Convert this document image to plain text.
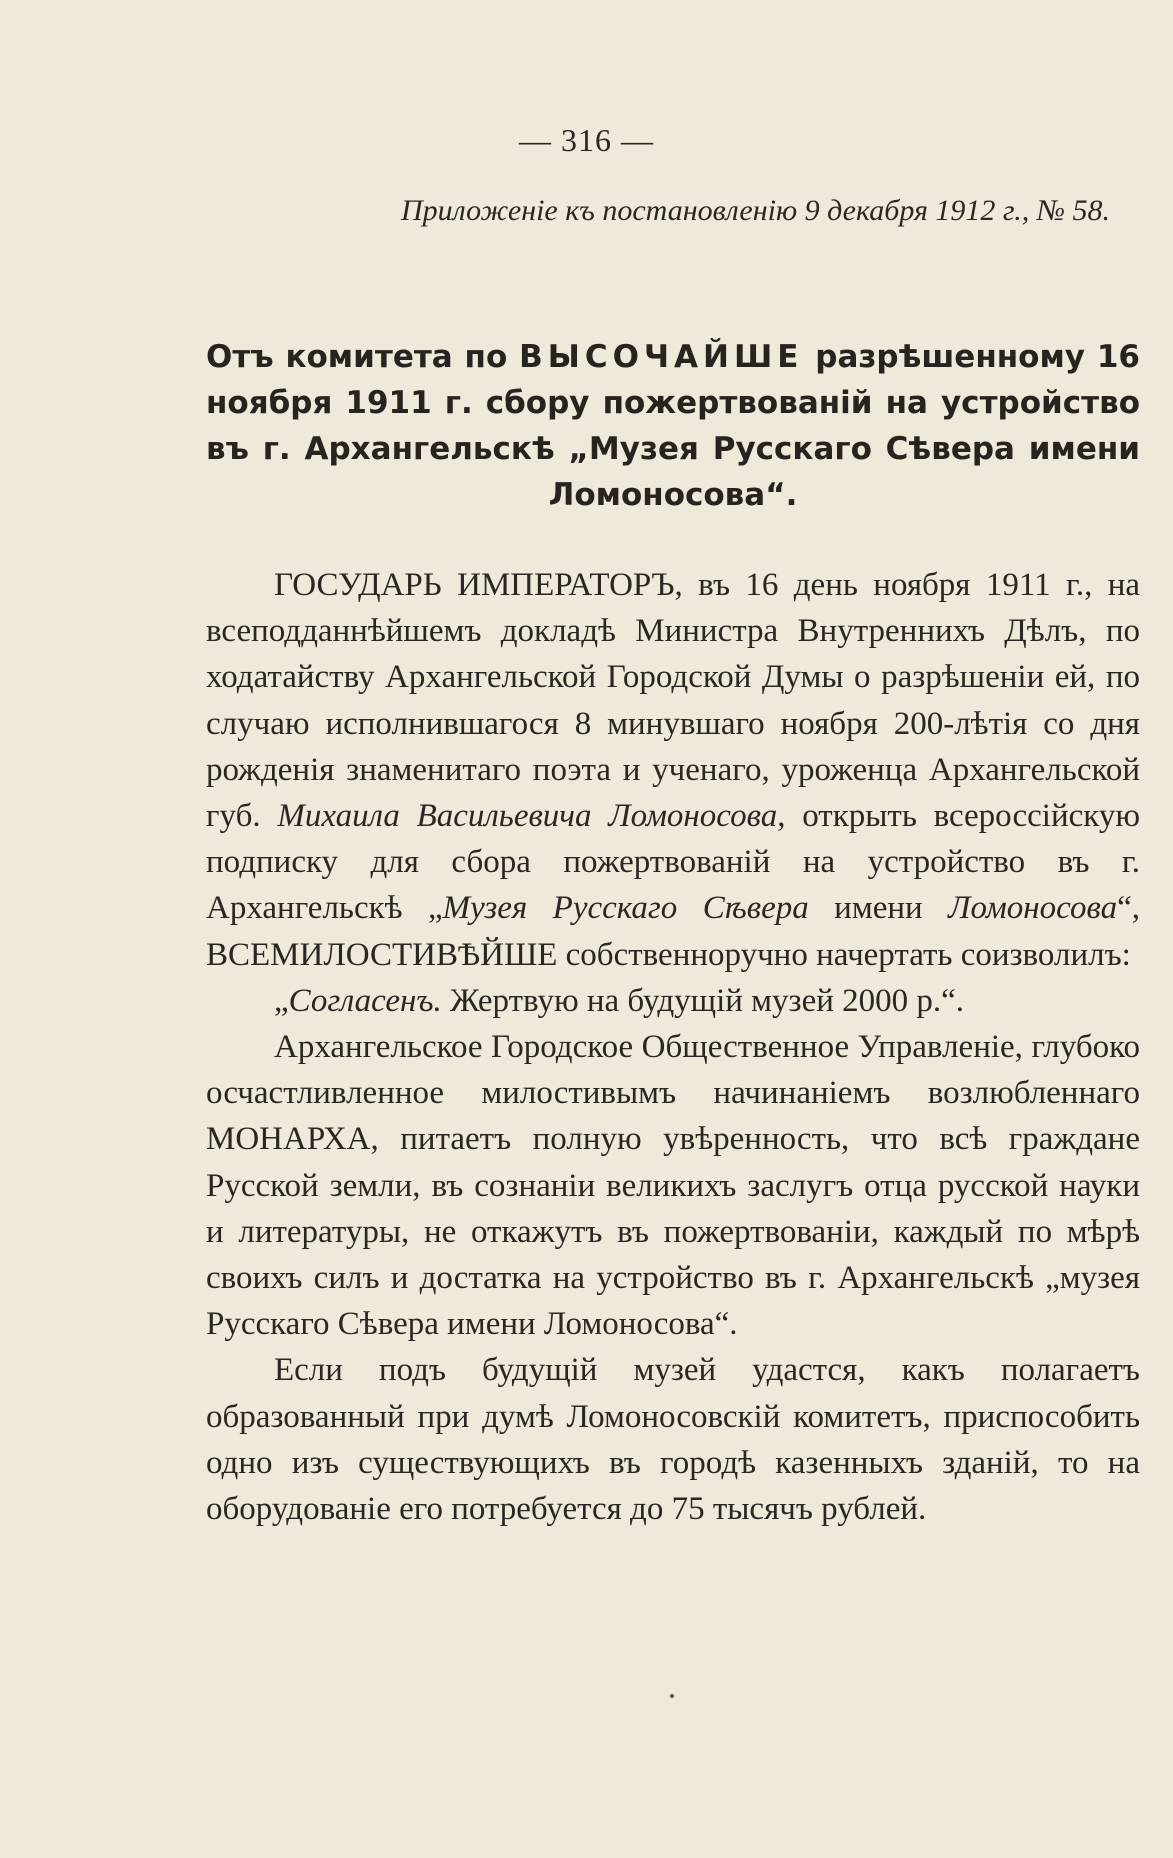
— 316 —
Приложенiе къ постановленiю 9 декабря 1912 г., № 58.
Отъ комитета по ВЫСОЧАЙШЕ разрѣшенному 16 ноября 1911 г. сбору пожертвованiй на устройство въ г. Архангельскѣ „Музея Русскаго Сѣвера имени Ломоносова“.

ГОСУДАРЬ ИМПЕРАТОРЪ, въ 16 день ноября 1911 г., на всеподданнѣйшемъ докладѣ Министра Внутреннихъ Дѣлъ, по ходатайству Архангельской Городской Думы о разрѣшенiи ей, по случаю исполнившагося 8 минувшаго ноября 200-лѣтiя со дня рожденiя знаменитаго поэта и ученаго, уроженца Архангельской губ. Михаила Васильевича Ломоносова, открыть всероссiйскую подписку для сбора пожертвованiй на устройство въ г. Архангельскѣ „Музея Русскаго Сѣвера имени Ломоносова“, ВСЕМИЛОСТИВѢЙШЕ собственноручно начертать соизволилъ:

„Согласенъ. Жертвую на будущiй музей 2000 р.“.

Архангельское Городское Общественное Управленiе, глубоко осчастливленное милостивымъ начинанiемъ возлюбленнаго МОНАРХА, питаетъ полную увѣренность, что всѣ граждане Русской земли, въ сознанiи великихъ заслугъ отца русской науки и литературы, не откажутъ въ пожертвованiи, каждый по мѣрѣ своихъ силъ и достатка на устройство въ г. Архангельскѣ „музея Русскаго Сѣвера имени Ломоносова“.

Если подъ будущiй музей удастся, какъ полагаетъ образованный при думѣ Ломоносовскiй комитетъ, приспособить одно изъ существующихъ въ городѣ казенныхъ зданiй, то на оборудованiе его потребуется до 75 тысячъ рублей.
